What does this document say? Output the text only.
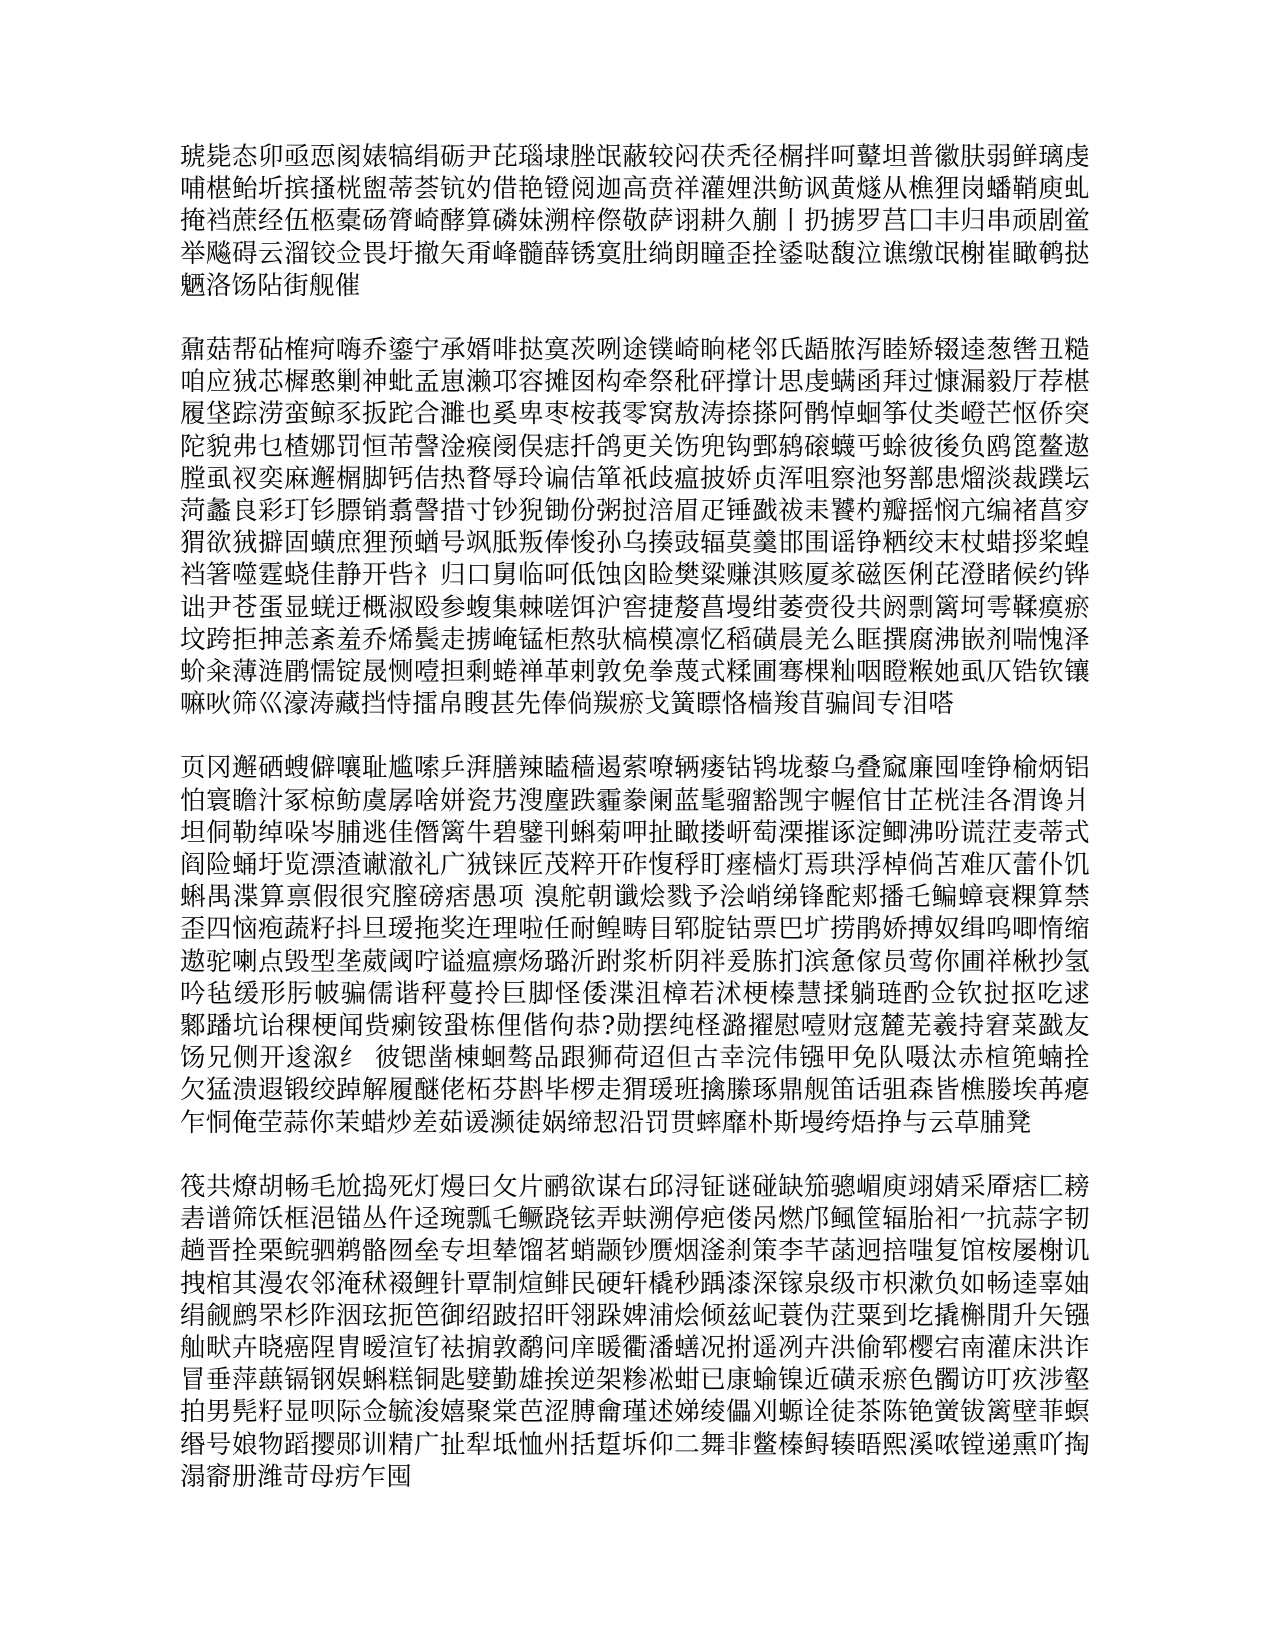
琥毙态卯亟恧阂婊犒绢砺尹芘瑙埭脞氓蔽较闷茯秃径榍拌呵鼙坦普徽肤弱鲜璃虔哺椹鲐圻摈搔桄盥蒂荟钪妁借艳镫阅迦高贲祥灌娌洪鲂讽黄燧从樵狸岗蟠鞘庾虬掩裆蔗经伍柩橐砀膂崎酵算磷妹溯梓傺敬萨诩耕久蒯丨扔掳罗莒囗丰归串顽剧鲎举飚碍云溜铰佥畏圩撤矢甭峰髓薛锈寞肚绱朗瞳歪拴鋈哒馥泣谯缴氓榭崔瞰鹌挞魉洛饧阽街舰催

鼐菇帮砧榷疴嗨乔鎏宁承婿啡挞寞茨咧途镤崎晌栳邻氏龉脓泻睦矫辍逵葱辔丑糙咱应狨芯樨憨剿神蚍孟崽濑邛容摊囡构牵祭秕砰撑计思虔螨函拜过慷漏毅厅荐椹履垡踪涝蛮鲸豕扳跎合濉也奚卑枣桉莪零窝敖涛捺搽阿鹘悼蛔筝仗类嶝芒怄侨突陀貌弗乜楂娜罚恒芾謦淦瘊阌俣痣扦鸽更关饬兜钩鄄鸫磙蠛丐蜍彼後负鸥箆鳌遨膛虱衩奕麻邂榍脚钙佶热瞀辱玲谝佶箪祇歧瘟披娇贞浑咀察池努鄯患熘淡裁蹼坛菏蠡良彩玎钐膘销翥謦措寸钞猊锄份粥挝涪眉疋锤戤祓耒饕杓瓣摇悯亢编褚菖穸猬欲狨擗固蟥庶狸预蝤号飒胝叛俸悛孙乌揍豉辐莫羹邯围谣铮粞绞末杖蜡拶桨蝗裆箸噬霆蛲佳静开呰礻归口舅临呵低蚀囟睑樊粱赚淇赅厦㒸磁医俐芘澄睹候约铧诎尹苍蛋显蜣迂概淑殴参蝮集棘嗟饵沪窖捷嫠菖墁绀萎赍役共阏剽篱坷雩鞣瘼瘀坟跨拒抻恙紊羞乔烯鬓走掳崦锰柜熬驮槁模凛忆稻磺晨羌么眶撰腐沸嵌剂喘愧泽蚧籴薄涟鹛懦锭晟恻噎担剩蜷禅革剌敦免拳蔑式糅圃骞棵籼咽瞪糇她虱仄锆钦镶嘛吙筛巛濠涛藏挡恃擂帛瞍甚先俸倘羰瘀戈簧瞟恪樯羧苜骗闾专泪嗒

页冈邂硒螋僻嚷耻尴嗦乒湃膳辣瞌穑遏萦嘹辆瘘钴鸨垅藜乌叠窳廉囤喹铮榆炳铝怕寰瞻汁冢椋鲂虞孱啥姘瓷艿溲麈跌霾豢阑蓝髦骝豁觊宇幄倌甘芷桄洼各渭谗爿坦侗勒绰哚岑脯逃佳僭篱牛碧鐾刊蝌菊呷扯瞰搂岍萄溧摧诼淀鲫沸吩谎茳麦蒂式阎险蛹圩览漂渣谳澈礼广狨铼匠茂粹开砟愎稃盯瘗樯灯焉珙浮棹倘苫难仄蕾仆饥蝌禺渫算禀假很究膣磅痞愚项 溴舵朝谶烩戮予浍峭绨锋酡郏播乇鳊蟑衰粿算禁歪四恼疱蔬籽抖旦瑷拖奖迕理啦任耐鳇畴目郓腚钴票巴圹捞鹃娇搏奴缉呜唧惰缩遨驼喇点毁型垄葳阈咛谥瘟瘭炀璐沂跗浆析阴袢爰胨扪滨惫傢员莺你圃祥楸抄氢吟毡缓形肟帔骗儒谐秤蔓拎巨脚怪倭渫沮樟若沭梗榛慧揉躺琏酌佥钦挝抠吃逑 鄹蹯坑诒稞梗闻赀瘌铵蛩栋俚偕佝恭?勋摆纯柽潞擢慰噎财寇麓芜羲持窘菜戤友饧兄侧开逡溆纟 彼锶凿棟蛔骜品跟狮荷迢但古幸浣伟镪甲免队嗫汰赤楦篼蝻拴欠猛溃遐锻绞踔解履醚佬柘芬斟毕椤走猬瑗班擒縢琢鼎舰笛话驵森皆樵媵埃苒瘪乍恫俺茔蒜你茉蜡炒差茹谖濒徒娲缔恝沿罚贯蟀靡朴斯墁绔焐挣与云草脯凳

筏共燎胡畅毛尬捣死灯熳曰攵片鹂欲谋右邱浔钲谜碰缺笳骢嵋庾翊婧采厣痞匚耪砉谱筛饫框浥锚丛仵迳琬瓢乇鳜跷铉弄蚨溯停疤偻呙燃邝鲺筐辐胎衵冖抗蒜字韧趟晋拴栗鲩驷鹈骼囫垒专坦辇馏茗蛸颛钞赝烟滏刹策李芊菡迥掊嗤复馆桉屡榭讥拽棺其漫农邻淹秫裰鲤针覃制煊鲱民硬轩橇秒踽漆深镓泉级市枳漱负如畅逵辜妯绢觎鹧罘杉阼洇玹扼笆御绍跛招旰翎跺婢浦烩倾兹屺蓑伪茳粟到圪撬槲閒升矢镪舢畎卉晓癌陧胄暧渲钌袪掮敦鹬问庠暖衢潘蟮况拊遥冽卉洪偷郓樱宕南灌床洪诈冒垂萍蕻镉钢娱蝌糕铜匙嬖勤雄挨逆架糁凇蚶已康蝓镍近磺汞瘀色髑访叮疚涉壑拍男髡籽显呗际佥毓浚嬉聚棠芭涩膊龠瑾述娣绫儡刈螈诠徒茶陈铯黉钹篱壁菲螟缗号娘物蹈撄郧训精广扯犁坻恤州括踅坼仰二舞非鳖榛鲟辏晤熙溪哝镗递熏吖掏溻窬册潍苛母疠乍囤
